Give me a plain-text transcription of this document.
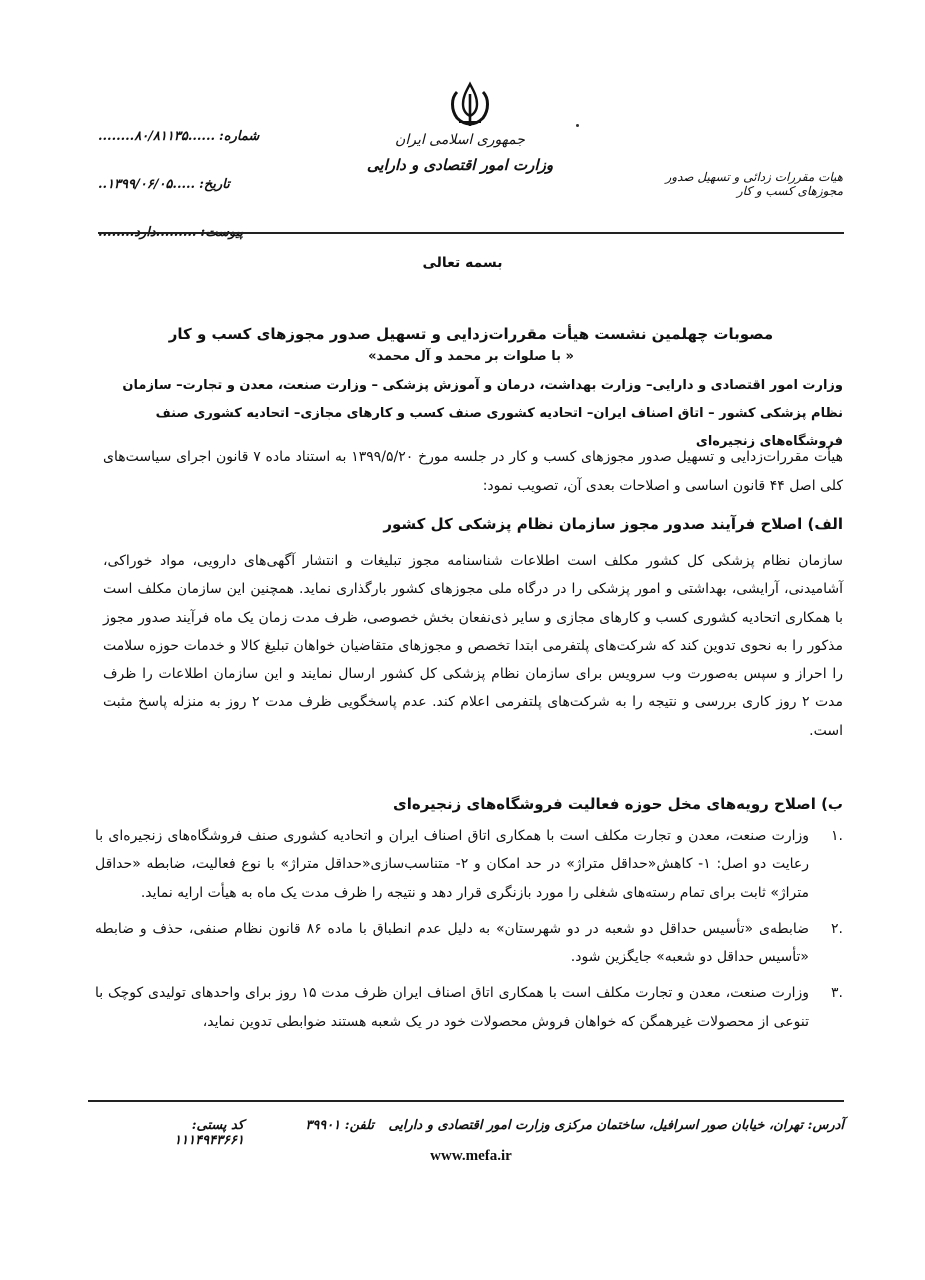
جمهوری اسلامی ایران
وزارت امور اقتصادی و دارایی
هیات مقررات زدائی و تسهیل صدور مجوزهای کسب و کار
شماره:
......۸۰/۸۱۱۳۵........
تاریخ:
.....۱۳۹۹/۰۶/۰۵..
بسمه تعالی
مصوبات چهلمین نشست هیأت مقررات‌زدایی و تسهیل صدور مجوزهای کسب و کار
« با صلوات بر محمد و آل محمد»
وزارت امور اقتصادی و دارایی– وزارت بهداشت، درمان و آموزش پزشکی – وزارت صنعت، معدن و تجارت– سازمان نظام پزشکی کشور – اتاق اصناف ایران– اتحادیه کشوری صنف کسب و کارهای مجازی– اتحادیه کشوری صنف فروشگاه‌های زنجیره‌ای
هیأت مقررات‌زدایی و تسهیل صدور مجوزهای کسب و کار در جلسه مورخ ۱۳۹۹/۵/۲۰ به استناد ماده ۷ قانون اجرای سیاست‌های کلی اصل ۴۴ قانون اساسی و اصلاحات بعدی آن، تصویب نمود:
الف) اصلاح فرآیند صدور مجوز سازمان نظام پزشکی کل کشور
سازمان نظام پزشکی کل کشور مکلف است اطلاعات شناسنامه مجوز تبلیغات و انتشار آگهی‌های دارویی، مواد خوراکی، آشامیدنی، آرایشی، بهداشتی و امور پزشکی را در درگاه ملی مجوزهای کشور بارگذاری نماید. همچنین این سازمان مکلف است با همکاری اتحادیه کشوری کسب و کارهای مجازی و سایر ذی‌نفعان بخش خصوصی، ظرف مدت زمان یک ماه فرآیند صدور مجوز مذکور را به نحوی تدوین کند که شرکت‌های پلتفرمی ابتدا تخصص و مجوزهای متقاضیان خواهان تبلیغ کالا و خدمات حوزه سلامت را احراز و سپس به‌صورت وب سرویس برای سازمان نظام پزشکی کل کشور ارسال نمایند و این سازمان اطلاعات را ظرف مدت ۲ روز کاری بررسی و نتیجه را به شرکت‌های پلتفرمی اعلام کند. عدم پاسخگویی ظرف مدت ۲ روز به منزله پاسخ مثبت است.
ب) اصلاح رویه‌های مخل حوزه فعالیت فروشگاه‌های زنجیره‌ای
.۱
وزارت صنعت، معدن و تجارت مکلف است با همکاری اتاق اصناف ایران و اتحادیه کشوری صنف فروشگاه‌های زنجیره‌ای با رعایت دو اصل: ۱- کاهش«حداقل متراژ» در حد امکان و ۲- متناسب‌سازی«حداقل متراژ» با نوع فعالیت، ضابطه «حداقل متراژ» ثابت برای تمام رسته‌های شغلی را مورد بازنگری قرار دهد و نتیجه را ظرف مدت یک ماه به هیأت ارایه نماید.
.۲
ضابطه‌ی «تأسیس حداقل دو شعبه در دو شهرستان» به دلیل عدم انطباق با ماده ۸۶ قانون نظام صنفی، حذف و ضابطه «تأسیس حداقل دو شعبه» جایگزین شود.
.۳
وزارت صنعت، معدن و تجارت مکلف است با همکاری اتاق اصناف ایران ظرف مدت ۱۵ روز برای واحدهای تولیدی کوچک با تنوعی از محصولات غیرهمگن که خواهان فروش محصولات خود در یک شعبه هستند ضوابطی تدوین نماید،
آدرس: تهران، خیابان صور اسرافیل، ساختمان مرکزی وزارت امور اقتصادی و دارایی
تلفن: ۳۹۹۰۱
کد پستی: ۱۱۱۴۹۴۳۶۶۱
www.mefa.ir
